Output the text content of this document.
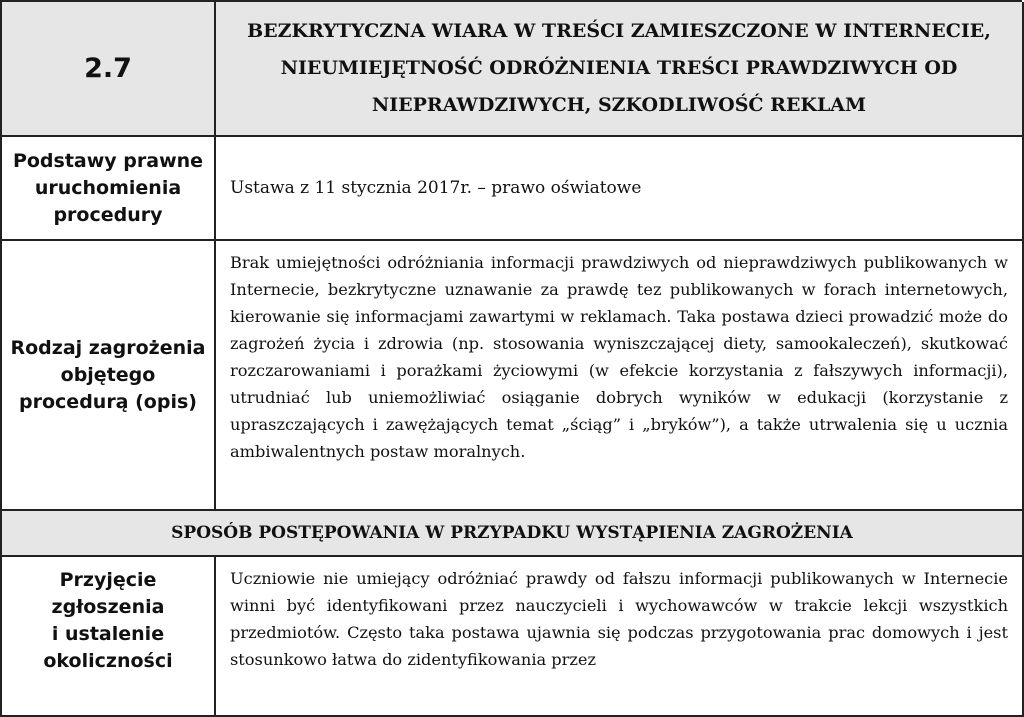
2.7
BEZKRYTYCZNA WIARA W TREŚCI ZAMIESZCZONE W INTERNECIE,
NIEUMIEJĘTNOŚĆ ODRÓŻNIENIA TREŚCI PRAWDZIWYCH OD
NIEPRAWDZIWYCH, SZKODLIWOŚĆ REKLAM
Podstawy prawne
uruchomienia
procedury
Ustawa z 11 stycznia 2017r. – prawo oświatowe
Rodzaj zagrożenia
objętego
procedurą (opis)
Brak umiejętności odróżniania informacji prawdziwych od nieprawdziwych publikowanych w Internecie, bezkrytyczne uznawanie za prawdę tez publikowanych w forach internetowych, kierowanie się informacjami zawartymi w reklamach. Taka postawa dzieci prowadzić może do zagrożeń życia i zdrowia (np. stosowania wyniszczającej diety, samookaleczeń), skutkować rozczarowaniami i porażkami życiowymi (w efekcie korzystania z fałszywych informacji), utrudniać lub uniemożliwiać osiąganie dobrych wyników w edukacji (korzystanie z upraszczających i zawężających temat „ściąg” i „bryków”), a także utrwalenia się u ucznia ambiwalentnych postaw moralnych.
SPOSÓB POSTĘPOWANIA W PRZYPADKU WYSTĄPIENIA ZAGROŻENIA
Przyjęcie
zgłoszenia
i ustalenie
okoliczności
Uczniowie nie umiejący odróżniać prawdy od fałszu informacji publikowanych w Internecie winni być identyfikowani przez nauczycieli i wychowawców w trakcie lekcji wszystkich przedmiotów. Często taka postawa ujawnia się podczas przygotowania prac domowych i jest stosunkowo łatwa do zidentyfikowania przez
